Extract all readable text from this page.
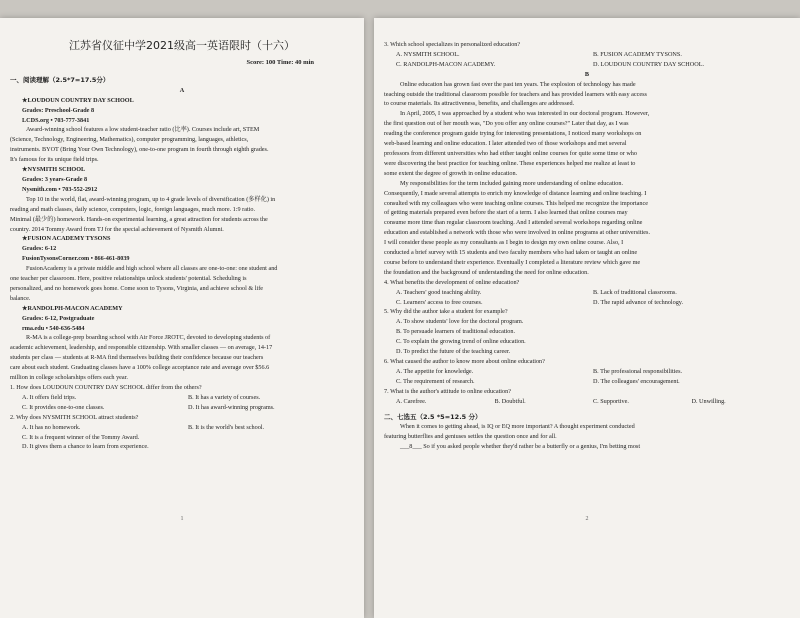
江苏省仪征中学2021级高一英语限时（十六）
Score: 100 Time: 40 min
一、阅读理解（2.5*7=17.5分）
A
★LOUDOUN COUNTRY DAY SCHOOL
Grades: Preschool-Grade 8
LCDS.org • 703-777-3841
Award-winning school features a low student-teacher ratio (比率). Courses include art, STEM
(Science, Technology, Engineering, Mathematics), computer programming, languages, athletics,
instruments. BYOT (Bring Your Own Technology), one-to-one program in fourth through eighth grades.
It's famous for its unique field trips.
★NYSMITH SCHOOL
Grades: 3 years-Grade 8
Nysmith.com • 703-552-2912
Top 10 in the world, flat, award-winning program, up to 4 grade levels of diversification (多样化) in
reading and math classes, daily science, computers, logic, foreign languages, much more. 1:9 ratio.
Minimal (最少的) homework. Hands-on experimental learning, a great attraction for students across the
country. 2014 Tommy Award from TJ for the special achievement of Nysmith Alumni.
★FUSION ACADEMY TYSONS
Grades: 6-12
FusionTysonsCorner.com • 866-461-8039
FusionAcademy is a private middle and high school where all classes are one-to-one: one student and
one teacher per classroom. Here, positive relationships unlock students' potential. Scheduling is
personalized, and no homework goes home. Come soon to Tysons, Virginia, and achieve school & life
balance.
★RANDOLPH-MACON ACADEMY
Grades: 6-12, Postgraduate
rma.edu • 540-636-5484
R-MA is a college-prep boarding school with Air Force JROTC, devoted to developing students of
academic achievement, leadership, and responsible citizenship. With smaller classes — on average, 14-17
students per class — students at R-MA find themselves building their confidence because our teachers
care about each student. Graduating classes have a 100% college acceptance rate and average over $56.6
million in college scholarships offers each year.
1. How does LOUDOUN COUNTRY DAY SCHOOL differ from the others?
A. It offers field trips.	B. It has a variety of courses.
C. It provides one-to-one classes.	D. It has award-winning programs.
2. Why does NYSMITH SCHOOL attract students?
A. It has no homework.	B. It is the world's best school.
C. It is a frequent winner of the Tommy Award.
D. It gives them a chance to learn from experience.
1
3. Which school specializes in personalized education?
A. NYSMITH SCHOOL.	B. FUSION ACADEMY TYSONS.
C. RANDOLPH-MACON ACADEMY.	D. LOUDOUN COUNTRY DAY SCHOOL.
B
Online education has grown fast over the past ten years. The explosion of technology has made
teaching outside the traditional classroom possible for teachers and has provided learners with easy access
to course materials. Its attractiveness, benefits, and challenges are addressed.
In April, 2005, I was approached by a student who was interested in our doctoral program. However,
the first question out of her mouth was, "Do you offer any online courses?" Later that day, as I was
reading the conference program guide trying for interesting presentations, I noticed many workshops on
web-based learning and online education. I later attended two of those workshops and met several
professors from different universities who had either taught online courses for quite some time or who
were discovering the best practice for teaching online. These experiences helped me realize at least to
some extent the degree of growth in online education.
My responsibilities for the term included gaining more understanding of online education.
Consequently, I made several attempts to enrich my knowledge of distance learning and online teaching. I
consulted with my colleagues who were teaching online courses. This helped me recognize the importance
of getting materials prepared even before the start of a term. I also learned that online courses may
consume more time than regular classroom teaching. And I attended several workshops regarding online
education and established a network with those who were involved in online programs at other universities.
I will consider these people as my consultants as I begin to design my own online course. Also, I
conducted a brief survey with 15 students and two faculty members who had taken or taught an online
course before to understand their experience. Eventually I completed a literature review which gave me
the foundation and the background of understanding the need for online education.
4. What benefits the development of online education?
A. Teachers' good teaching ability.	B. Lack of traditional classrooms.
C. Learners' access to free courses.	D. The rapid advance of technology.
5. Why did the author take a student for example?
A. To show students' love for the doctoral program.
B. To persuade learners of traditional education.
C. To explain the growing trend of online education.
D. To predict the future of the teaching career.
6. What caused the author to know more about online education?
A. The appetite for knowledge.	B. The professional responsibilities.
C. The requirement of research.	D. The colleagues' encouragement.
7. What is the author's attitude to online education?
A. Carefree.	B. Doubtful.	C. Supportive.	D. Unwilling.
二、七选五（2.5 *5=12.5 分）
When it comes to getting ahead, is IQ or EQ more important? A thought experiment conducted
featuring butterflies and geniuses settles the question once and for all.
___8___ So if you asked people whether they'd rather be a butterfly or a genius, I'm betting most
2
